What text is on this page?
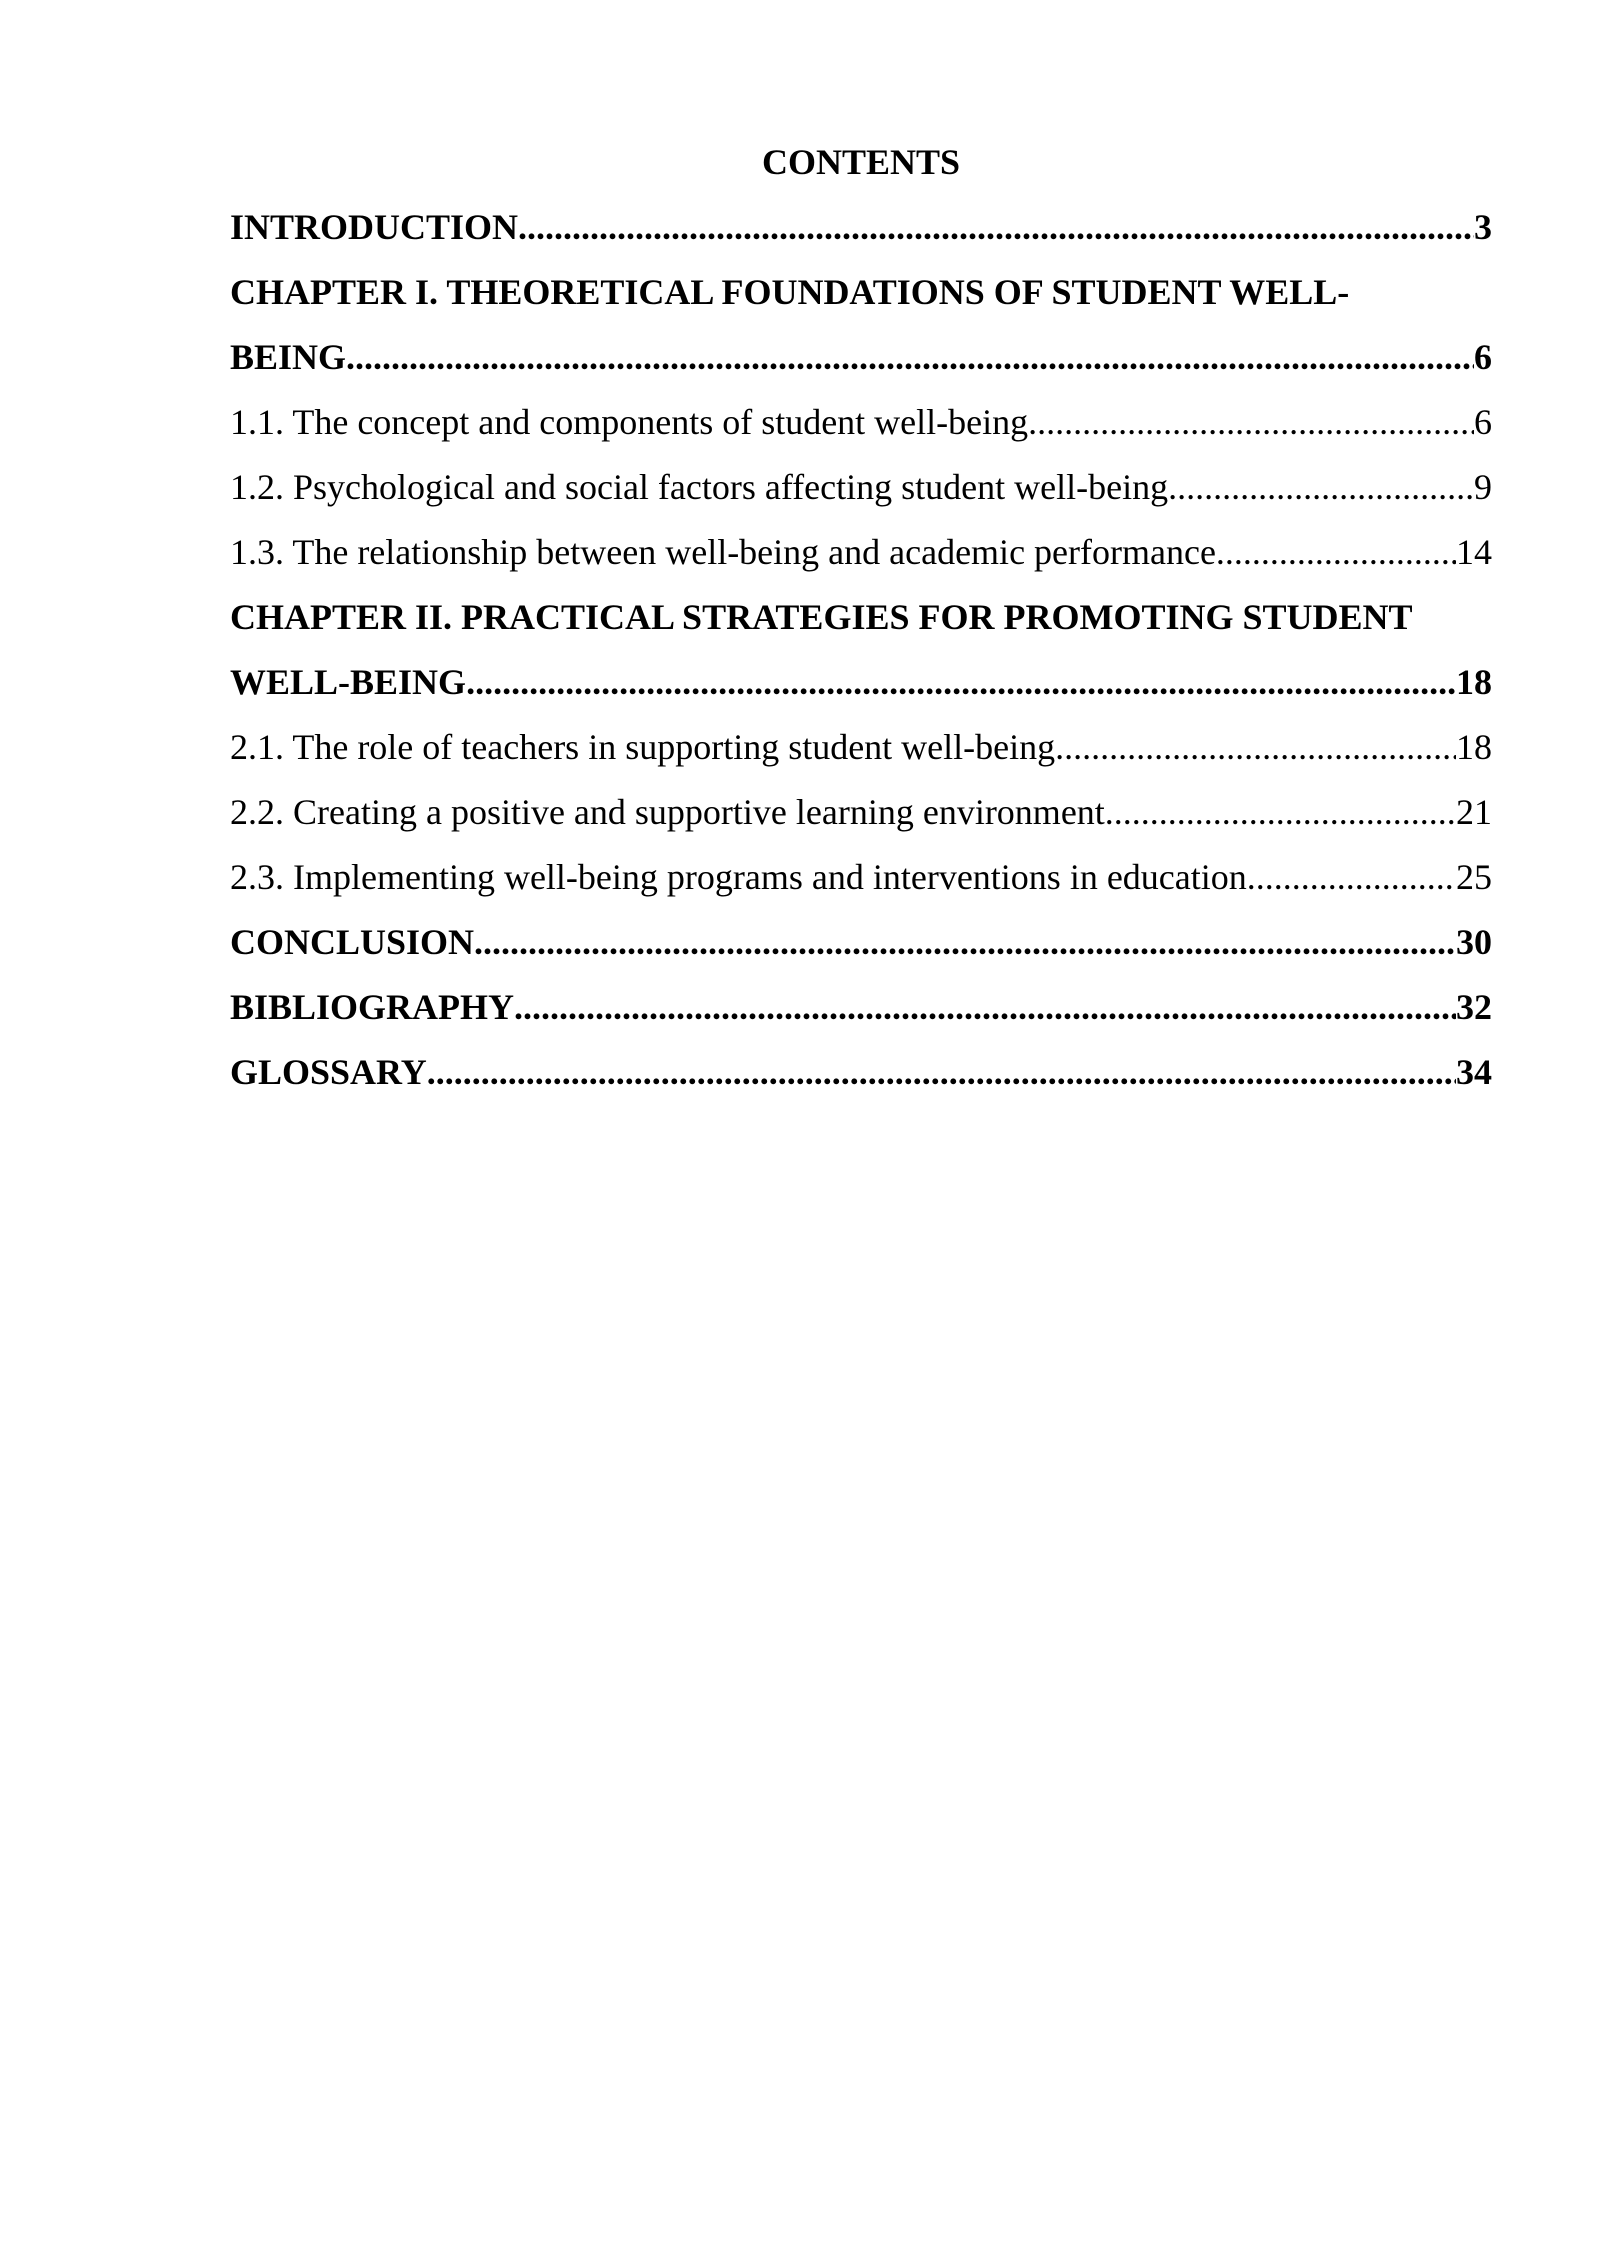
CONTENTS
INTRODUCTION .....	3
CHAPTER I. THEORETICAL FOUNDATIONS OF STUDENT WELL-
BEING .....	6
1.1. The concept and components of student well-being .....	6
1.2. Psychological and social factors affecting student well-being .....	9
1.3. The relationship between well-being and academic performance .....	14
CHAPTER II. PRACTICAL STRATEGIES FOR PROMOTING STUDENT
WELL-BEING .....	18
2.1. The role of teachers in supporting student well-being .....	18
2.2. Creating a positive and supportive learning environment .....	21
2.3. Implementing well-being programs and interventions in education .....	25
CONCLUSION .....	30
BIBLIOGRAPHY .....	32
GLOSSARY .....	34
